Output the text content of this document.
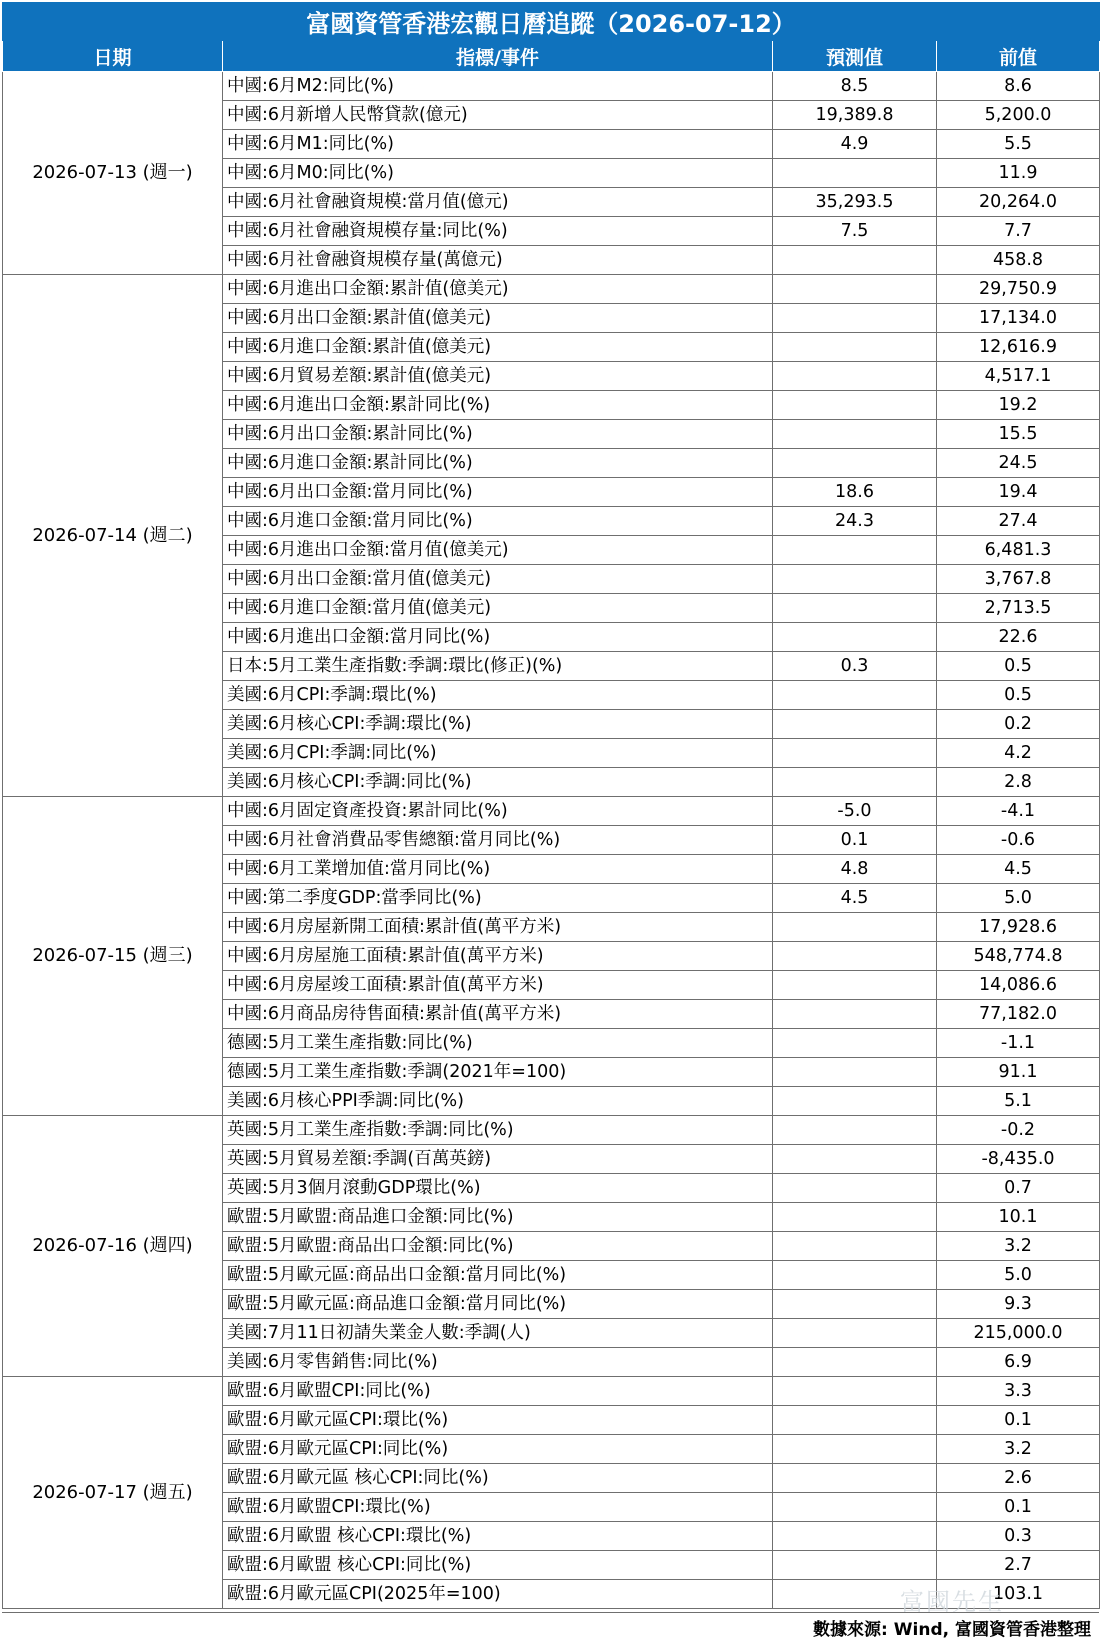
富國資管香港宏觀日曆追蹤（2026-07-12）			
日期	指標/事件	預測值	前值
2026-07-13 (週一)	中國:6月M2:同比(%)	8.5	8.6
	中國:6月新增人民幣貸款(億元)	19,389.8	5,200.0
	中國:6月M1:同比(%)	4.9	5.5
	中國:6月M0:同比(%)		11.9
	中國:6月社會融資規模:當月值(億元)	35,293.5	20,264.0
	中國:6月社會融資規模存量:同比(%)	7.5	7.7
	中國:6月社會融資規模存量(萬億元)		458.8
2026-07-14 (週二)	中國:6月進出口金額:累計值(億美元)		29,750.9
	中國:6月出口金額:累計值(億美元)		17,134.0
	中國:6月進口金額:累計值(億美元)		12,616.9
	中國:6月貿易差額:累計值(億美元)		4,517.1
	中國:6月進出口金額:累計同比(%)		19.2
	中國:6月出口金額:累計同比(%)		15.5
	中國:6月進口金額:累計同比(%)		24.5
	中國:6月出口金額:當月同比(%)	18.6	19.4
	中國:6月進口金額:當月同比(%)	24.3	27.4
	中國:6月進出口金額:當月值(億美元)		6,481.3
	中國:6月出口金額:當月值(億美元)		3,767.8
	中國:6月進口金額:當月值(億美元)		2,713.5
	中國:6月進出口金額:當月同比(%)		22.6
	日本:5月工業生產指數:季調:環比(修正)(%)	0.3	0.5
	美國:6月CPI:季調:環比(%)		0.5
	美國:6月核心CPI:季調:環比(%)		0.2
	美國:6月CPI:季調:同比(%)		4.2
	美國:6月核心CPI:季調:同比(%)		2.8
2026-07-15 (週三)	中國:6月固定資產投資:累計同比(%)	-5.0	-4.1
	中國:6月社會消費品零售總額:當月同比(%)	0.1	-0.6
	中國:6月工業增加值:當月同比(%)	4.8	4.5
	中國:第二季度GDP:當季同比(%)	4.5	5.0
	中國:6月房屋新開工面積:累計值(萬平方米)		17,928.6
	中國:6月房屋施工面積:累計值(萬平方米)		548,774.8
	中國:6月房屋竣工面積:累計值(萬平方米)		14,086.6
	中國:6月商品房待售面積:累計值(萬平方米)		77,182.0
	德國:5月工業生產指數:同比(%)		-1.1
	德國:5月工業生產指數:季調(2021年=100)		91.1
	美國:6月核心PPI季調:同比(%)		5.1
2026-07-16 (週四)	英國:5月工業生產指數:季調:同比(%)		-0.2
	英國:5月貿易差額:季調(百萬英鎊)		-8,435.0
	英國:5月3個月滾動GDP環比(%)		0.7
	歐盟:5月歐盟:商品進口金額:同比(%)		10.1
	歐盟:5月歐盟:商品出口金額:同比(%)		3.2
	歐盟:5月歐元區:商品出口金額:當月同比(%)		5.0
	歐盟:5月歐元區:商品進口金額:當月同比(%)		9.3
	美國:7月11日初請失業金人數:季調(人)		215,000.0
	美國:6月零售銷售:同比(%)		6.9
2026-07-17 (週五)	歐盟:6月歐盟CPI:同比(%)		3.3
	歐盟:6月歐元區CPI:環比(%)		0.1
	歐盟:6月歐元區CPI:同比(%)		3.2
	歐盟:6月歐元區 核心CPI:同比(%)		2.6
	歐盟:6月歐盟CPI:環比(%)		0.1
	歐盟:6月歐盟 核心CPI:環比(%)		0.3
	歐盟:6月歐盟 核心CPI:同比(%)		2.7
	歐盟:6月歐元區CPI(2025年=100)		103.1
富國先生
數據來源: Wind, 富國資管香港整理
